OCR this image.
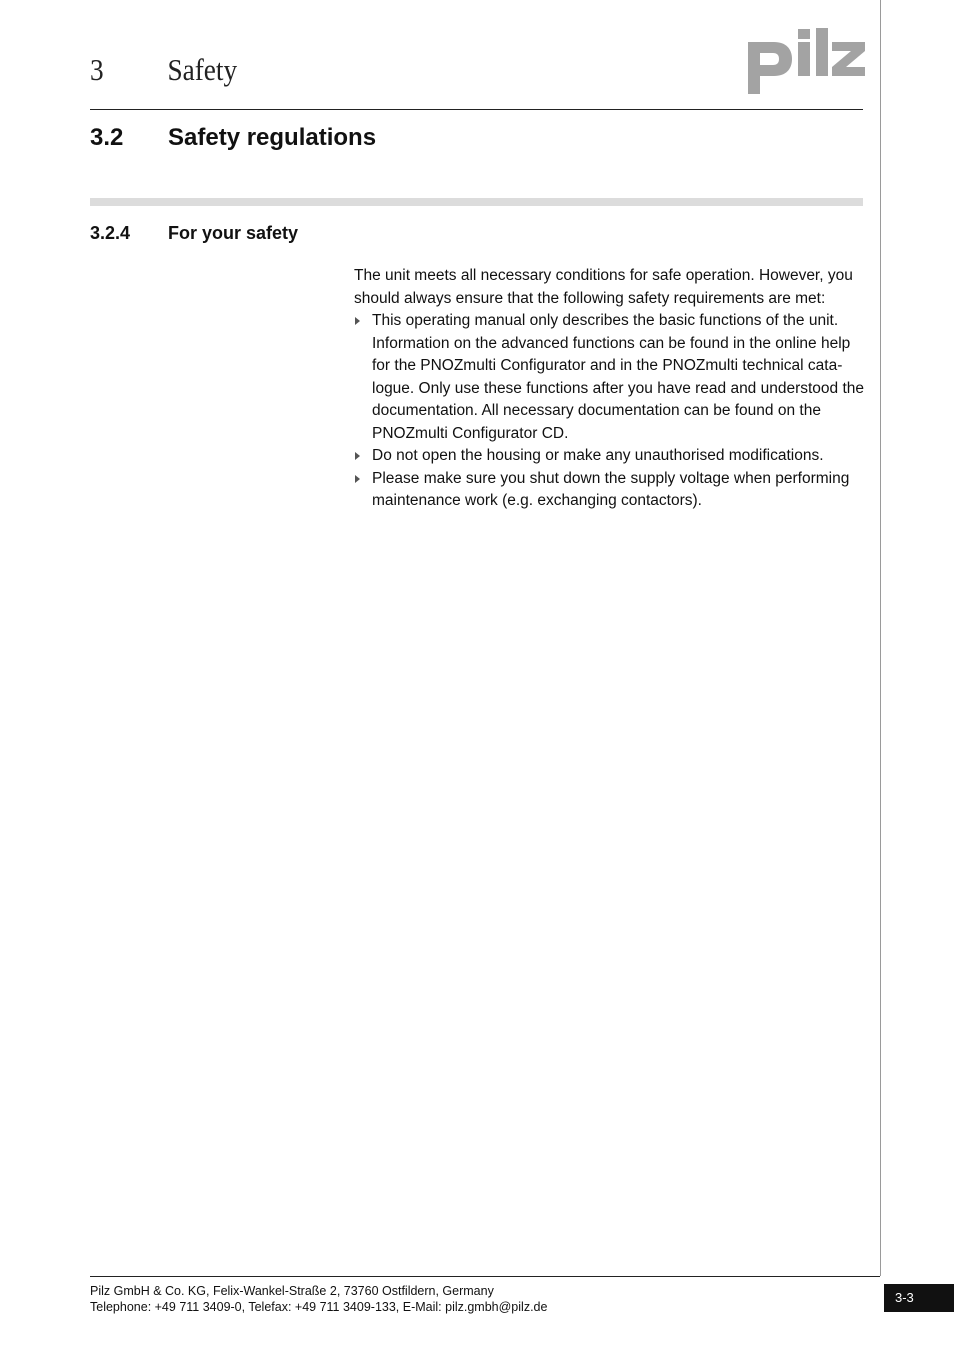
3 Safety
3.2 Safety regulations
3.2.4 For your safety

The unit meets all necessary conditions for safe operation. However, you should always ensure that the following safety requirements are met:

This operating manual only describes the basic functions of the unit. Information on the advanced functions can be found in the online help for the PNOZmulti Configurator and in the PNOZmulti technical cata-logue. Only use these functions after you have read and understood the documentation. All necessary documentation can be found on the PNOZmulti Configurator CD.
Do not open the housing or make any unauthorised modifications.
Please make sure you shut down the supply voltage when performing maintenance work (e.g. exchanging contactors).
Pilz GmbH & Co. KG, Felix-Wankel-Straße 2, 73760 Ostfildern, Germany
Telephone: +49 711 3409-0, Telefax: +49 711 3409-133, E-Mail: pilz.gmbh@pilz.de
3-3
